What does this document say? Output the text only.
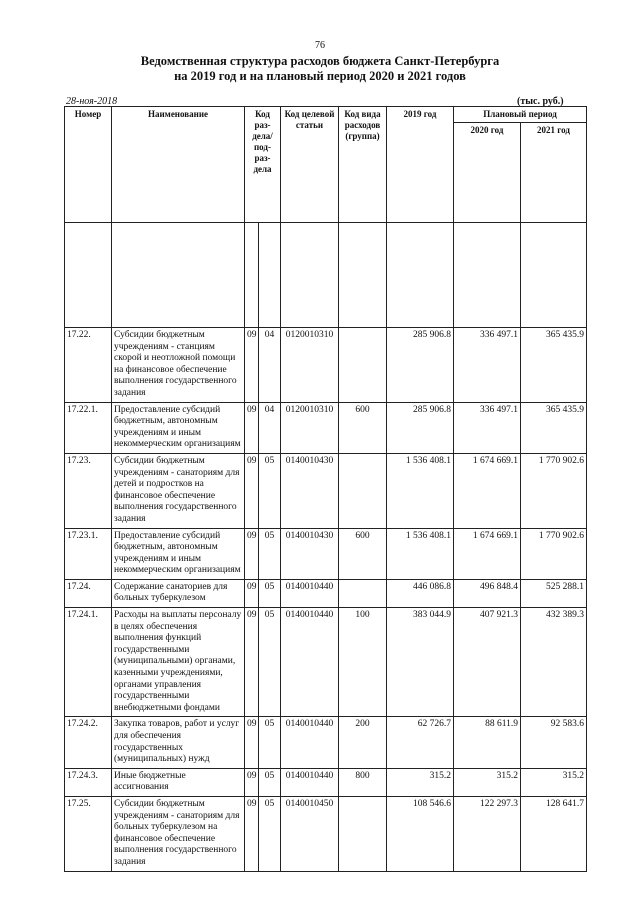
76
Ведомственная структура расходов бюджета Санкт-Петербурга
на 2019 год и на плановый период 2020 и 2021 годов
28-ноя-2018	(тыс. руб.)
Номер	Наименование	Код раз-дела/ под-раз-дела		Код целевой статьи	Код вида расходов (группа)	2019 год	Плановый период	
							2020 год	2021 год

17.22.	Субсидии бюджетным учреждениям - станциям скорой и неотложной помощи на финансовое обеспечение выполнения государственного задания	09	04	0120010310		285 906.8	336 497.1	365 435.9
17.22.1.	Предоставление субсидий бюджетным, автономным учреждениям и иным некоммерческим организациям	09	04	0120010310	600	285 906.8	336 497.1	365 435.9
17.23.	Субсидии бюджетным учреждениям - санаториям для детей и подростков на финансовое обеспечение выполнения государственного задания	09	05	0140010430		1 536 408.1	1 674 669.1	1 770 902.6
17.23.1.	Предоставление субсидий бюджетным, автономным учреждениям и иным некоммерческим организациям	09	05	0140010430	600	1 536 408.1	1 674 669.1	1 770 902.6
17.24.	Содержание санаториев для больных туберкулезом	09	05	0140010440		446 086.8	496 848.4	525 288.1
17.24.1.	Расходы на выплаты персоналу в целях обеспечения выполнения функций государственными (муниципальными) органами, казенными учреждениями, органами управления государственными внебюджетными фондами	09	05	0140010440	100	383 044.9	407 921.3	432 389.3
17.24.2.	Закупка товаров, работ и услуг для обеспечения государственных (муниципальных) нужд	09	05	0140010440	200	62 726.7	88 611.9	92 583.6
17.24.3.	Иные бюджетные ассигнования	09	05	0140010440	800	315.2	315.2	315.2
17.25.	Субсидии бюджетным учреждениям - санаториям для больных туберкулезом на финансовое обеспечение выполнения государственного задания	09	05	0140010450		108 546.6	122 297.3	128 641.7
